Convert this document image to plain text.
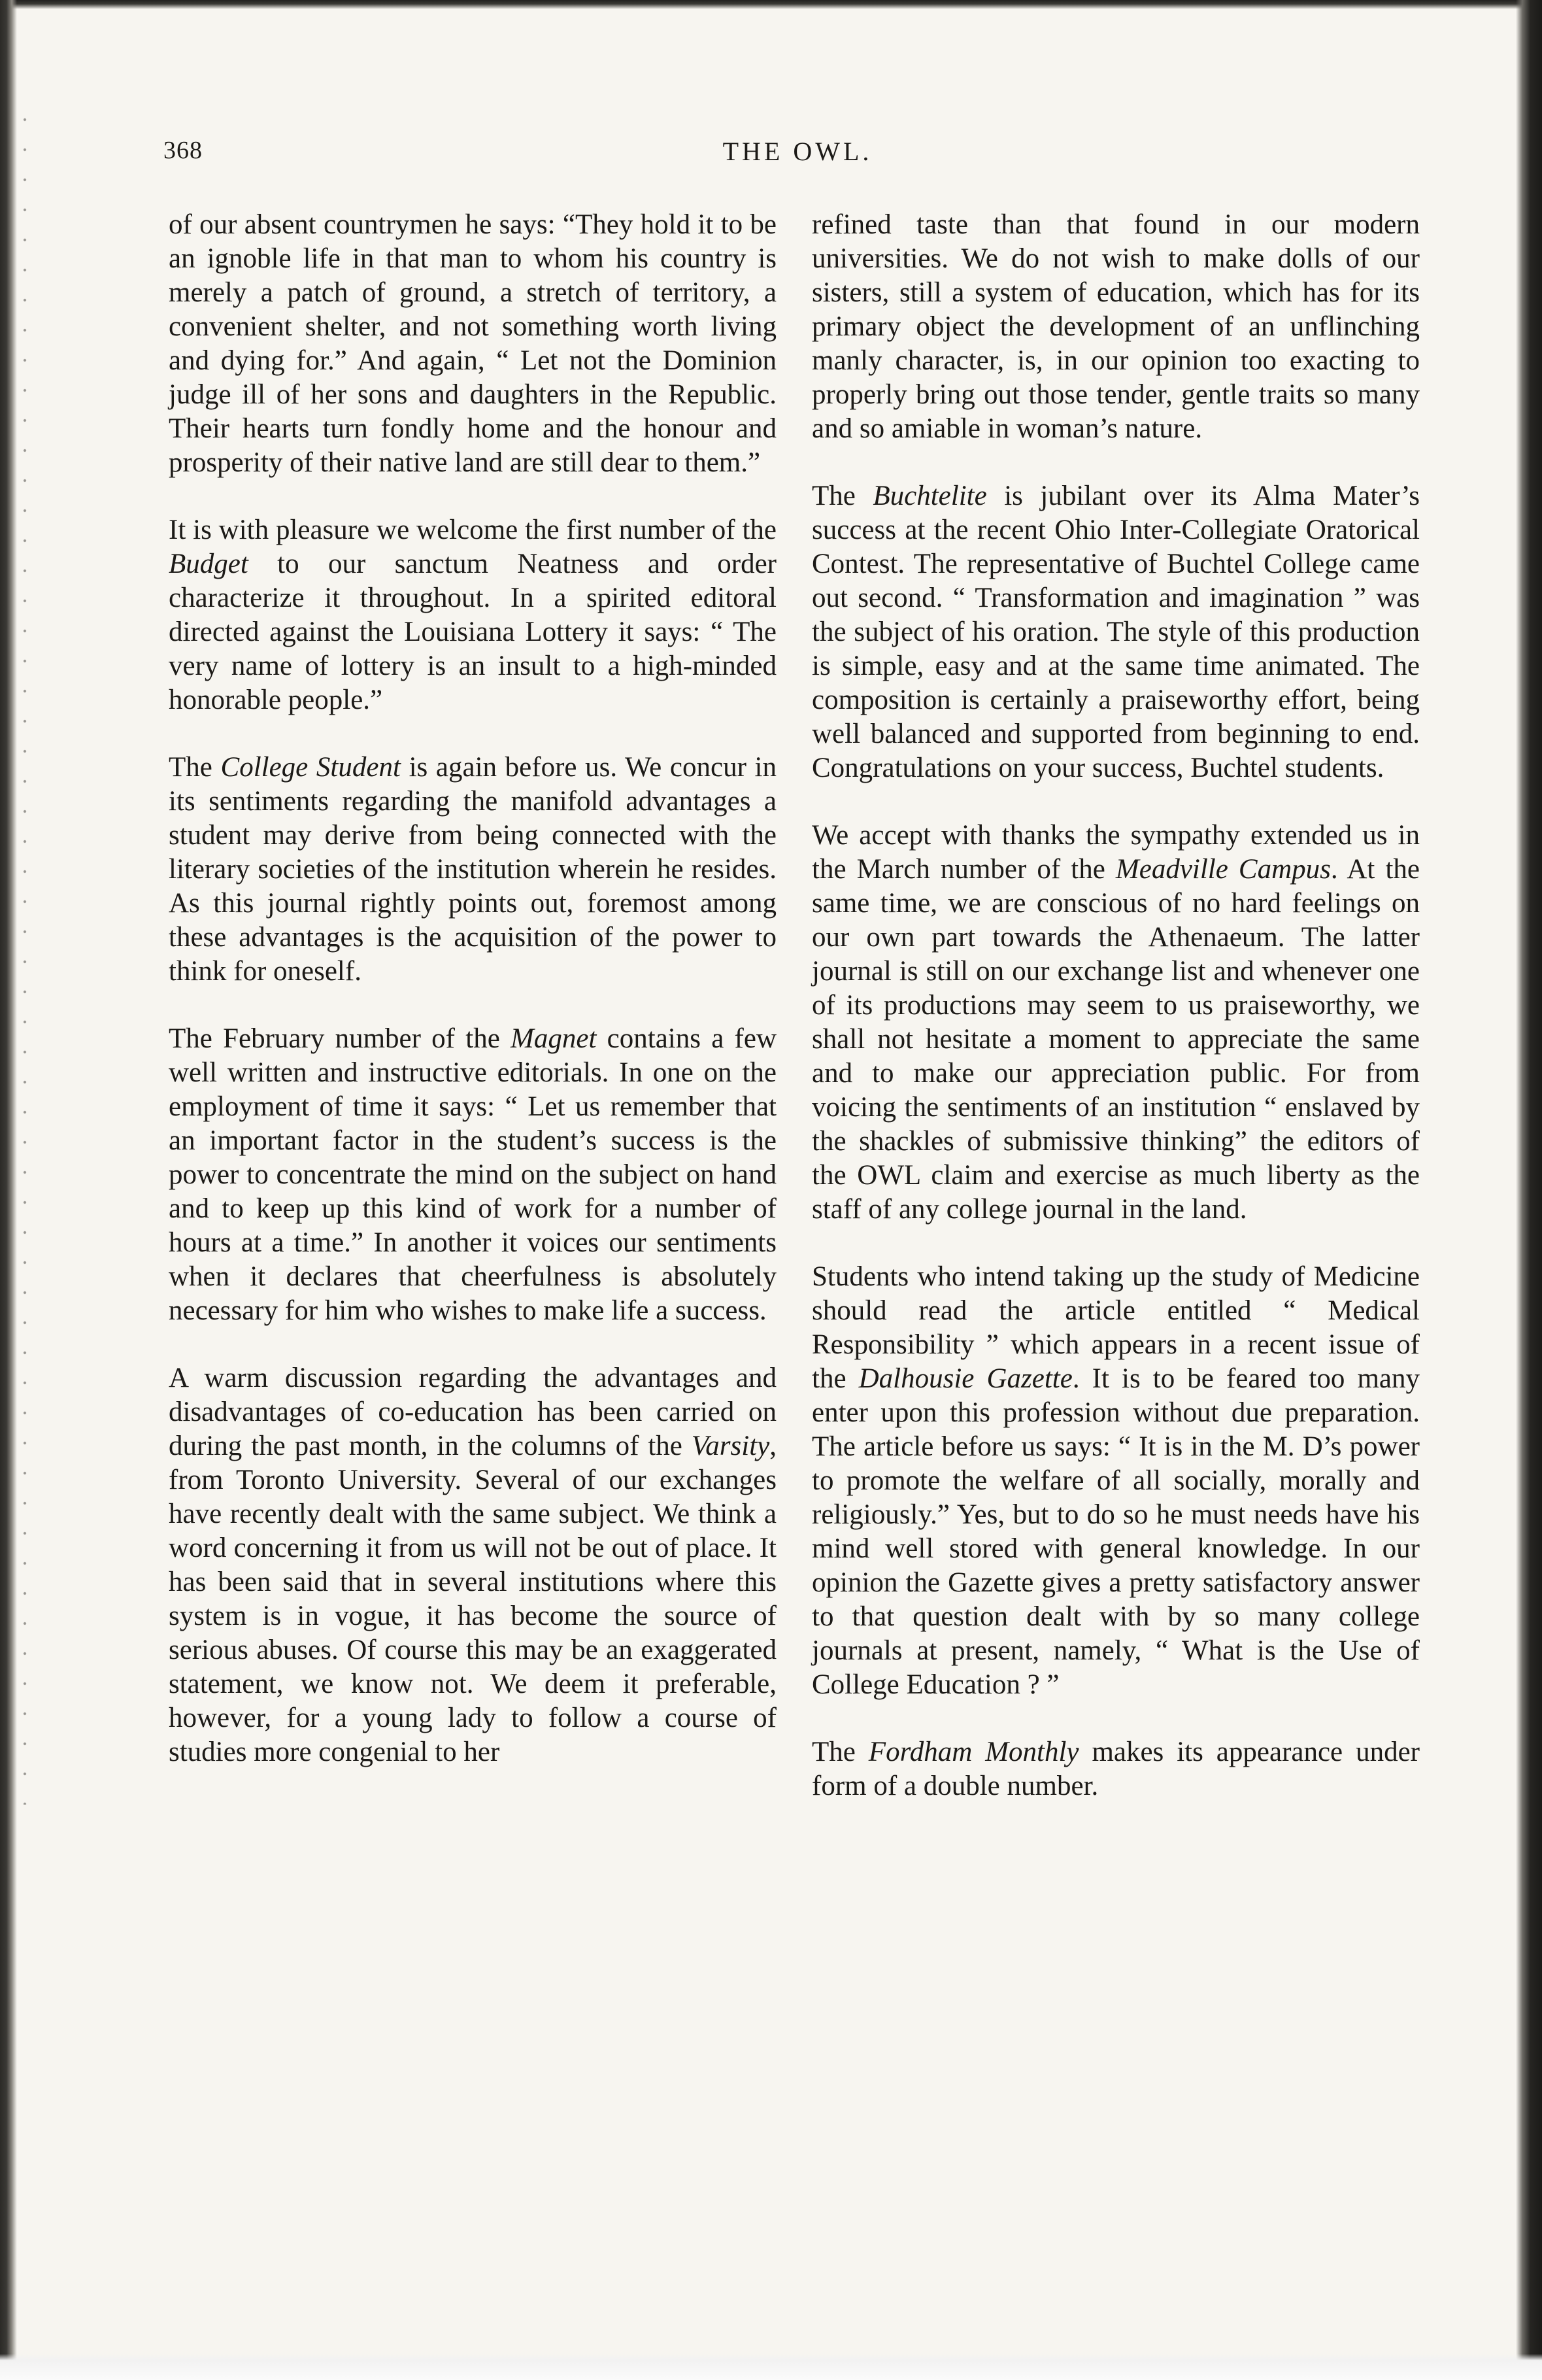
THE OWL.
368

of our absent countrymen he says: “They hold it to be an ignoble life in that man to whom his country is merely a patch of ground, a stretch of territory, a convenient shelter, and not something worth living and dying for.” And again, “ Let not the Dominion judge ill of her sons and daughters in the Republic. Their hearts turn fondly home and the honour and prosperity of their native land are still dear to them.”

It is with pleasure we welcome the first number of the Budget to our sanctum Neatness and order characterize it throughout. In a spirited editoral directed against the Louisiana Lottery it says: “ The very name of lottery is an insult to a high-minded honorable people.”

The College Student is again before us. We concur in its sentiments regarding the manifold advantages a student may derive from being connected with the literary societies of the institution wherein he resides. As this journal rightly points out, foremost among these advantages is the acquisition of the power to think for oneself.

The February number of the Magnet contains a few well written and instructive editorials. In one on the employment of time it says: “ Let us remember that an important factor in the student’s success is the power to concentrate the mind on the subject on hand and to keep up this kind of work for a number of hours at a time.” In another it voices our sentiments when it declares that cheerfulness is absolutely necessary for him who wishes to make life a success.

A warm discussion regarding the advantages and disadvantages of co-education has been carried on during the past month, in the columns of the Varsity, from Toronto University. Several of our exchanges have recently dealt with the same subject. We think a word concerning it from us will not be out of place. It has been said that in several institutions where this system is in vogue, it has become the source of serious abuses. Of course this may be an exaggerated statement, we know not. We deem it preferable, however, for a young lady to follow a course of studies more congenial to her

refined taste than that found in our modern universities. We do not wish to make dolls of our sisters, still a system of education, which has for its primary object the development of an unflinching manly character, is, in our opinion too exacting to properly bring out those tender, gentle traits so many and so amiable in woman’s nature.

The Buchtelite is jubilant over its Alma Mater’s success at the recent Ohio Inter-Collegiate Oratorical Contest. The representative of Buchtel College came out second. “ Transformation and imagination ” was the subject of his oration. The style of this production is simple, easy and at the same time animated. The composition is certainly a praiseworthy effort, being well balanced and supported from beginning to end. Congratulations on your success, Buchtel students.

We accept with thanks the sympathy extended us in the March number of the Meadville Campus. At the same time, we are conscious of no hard feelings on our own part towards the Athenaeum. The latter journal is still on our exchange list and whenever one of its productions may seem to us praiseworthy, we shall not hesitate a moment to appreciate the same and to make our appreciation public. For from voicing the sentiments of an institution “ enslaved by the shackles of submissive thinking” the editors of the OWL claim and exercise as much liberty as the staff of any college journal in the land.

Students who intend taking up the study of Medicine should read the article entitled “ Medical Responsibility ” which appears in a recent issue of the Dalhousie Gazette. It is to be feared too many enter upon this profession without due preparation. The article before us says: “ It is in the M. D’s power to promote the welfare of all socially, morally and religiously.” Yes, but to do so he must needs have his mind well stored with general knowledge. In our opinion the Gazette gives a pretty satisfactory answer to that question dealt with by so many college journals at present, namely, “ What is the Use of College Education ? ”

The Fordham Monthly makes its appearance under form of a double number.
